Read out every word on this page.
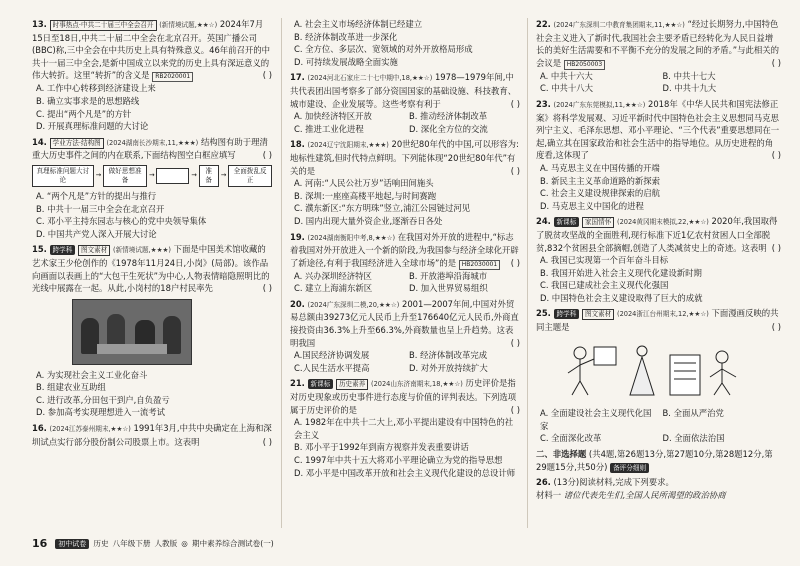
13. 时事热点·中共二十届三中全会召开 (新情境试题,★★☆) 2024年7月15日至18日,中共二十届二中全会在北京召开。英国广播公司(BBC)称,三中全会在中共历史上具有特殊意义。46年前召开的中共十一届三中全会,是新中国成立以来党的历史上具有深远意义的伟大转折。这里“转折”的含义是 RB2020001	( )
A. 工作中心转移到经济建设上来
B. 确立实事求是的思想路线
C. 提出“两个凡是”的方针
D. 开展真理标准问题的大讨论
14. 学业方法·结构图 (2024湖南长沙期末,11,★★★) 结构图有助于理清重大历史事件之间的内在联系,下面结构图空白框应填写	( )
真理标准问题大讨论
→
做好思想准备
→	→
准备
→
全面拨乱反正
A. “两个凡是”方针的提出与推行
B. 中共十一届三中全会在北京召开
C. 邓小平主持东园志与核心的党中央领导集体
D. 中国共产党人深入开展大讨论
15. 跨学科 图文素材 (新情境试题,★★★) 下面是中国美术馆收藏的艺术家王少伦创作的《1978年11月24日,小岗》(局部)。该作品向画面以表画上的“大包干生死状”为中心,人物表情暗隐照明比的光线中展露在一起。从此,小岗村的18户村民率先	( )
A. 为实现社会主义工业化奋斗
B. 组建农业互助组
C. 进行改革,分田包干到户,自负盈亏
D. 参加高考实现理想进入一流考试
16. (2024江苏泰州期末,★★☆) 1991年3月,中共中央确定在上海和深圳试点实行部分股份制公司股票上市。这表明	( )
A. 社会主义市场经济体制已经建立
B. 经济体制改革进一步深化
C. 全方位、多层次、宽领域的对外开放格局形成
D. 可持续发展战略全面实施
17. (2024河北石家庄二十七中期中,18,★★☆) 1978—1979年间,中共代表团出国考察多了部分资国国家的基础设施、科技教育、城市建设、企业发展等。这些考察有利于	( )
A. 加快经济特区开放	B. 推动经济体制改革
C. 推进工业化进程	D. 深化全方位的交流
18. (2024辽宁沈阳期末,★★★) 20世纪80年代的中国,可以形容为:地标性建筑,但时代特点鲜明。下列能体现“20世纪80年代”有关的是	( )
A. 河南:“人民公社万岁”话响田间施头
B. 深圳:一座座高楼平地起,与时间赛跑
C. 濮东新区:“东方明珠”竖立,浦江公园链过河见
D. 国内出现大量外资企业,逐渐吞日各处
19. (2024湖南衡阳中考,8,★★☆) 在我国对外开放的进程中,“标志着我国对外开放进入一个新的阶段,为我国参与经济全球化开辟了新途径,有利于我国经济进入全球市场”的是 HB2030001 ( )
A. 兴办深圳经济特区	B. 开放港埠沿海城市
C. 建立上海浦东新区	D. 加入世界贸易组织
20. (2024广东深圳二模,20,★★☆) 2001—2007年间,中国对外贸易总额由39273亿元人民币上升至176640亿元人民币,外商直接投资由36.3%上升至66.3%,外商数量也呈上升趋势。这表明我国	( )
A.国民经济协调发展	B. 经济体制改革完成
C.人民生活水平提高	D. 对外开放持续扩大
21. 新课标 历史素养 (2024山东济南期末,18,★★☆) 历史评价是指对历史现象或历史事件进行态度与价值的评判表达。下列选项属于历史评价的是	( )
A. 1982年在中共十二大上,邓小平提出建设有中国特色的社会主义
B. 邓小平于1992年到南方视察并发表重要讲话
C. 1997年中共十五大将邓小平理论确立为党的指导思想
D. 邓小平是中国改革开放和社会主义现代化建设的总设计师
22. (2024广东深圳二中教育集团期末,11,★★☆) “经过长期努力,中国特色社会主义进入了新时代,我国社会主要矛盾已经转化为人民日益增长的美好生活需要和不平衡不充分的发展之间的矛盾。”与此相关的会议是 HB2050003	( )
A. 中共十六大	B. 中共十七大
C. 中共十八大	D. 中共十九大
23. (2024广东东莞模拟,11,★★☆) 2018年《中华人民共和国宪法修正案》将科学发展观、习近平新时代中国特色社会主义思想同马克思列宁主义、毛泽东思想、邓小平理论、“三个代表”重要思想同在一起,确立其在国家政治和社会生活中的指导地位。从历史进程的角度看,这体现了	( )
A. 马克思主义在中国传播的开端
B. 新民主主义革命道路的新探索
C. 社会主义建设规律探索的启航
D. 马克思主义中国化的进程
24. 新课标 家国情怀 (2024黄冈期末模拟,22,★★☆) 2020年,我国取得了脱贫攻坚战的全面胜利,现行标准下近1亿农村贫困人口全部脱贫,832个贫困县全部摘帽,创造了人类减贫史上的奇迹。这表明 ( )
A. 我国已实现第一个百年奋斗目标
B. 我国开始进入社会主义现代化建设新时期
C. 我国已建成社会主义现代化强国
D. 中国特色社会主义建设取得了巨大的成就
25. 跨学科 图文素材 (2024浙江台州期末,12,★★☆) 下面漫画反映的共同主题是	( )
A. 全面建设社会主义现代化国家
B. 全面从严治党
C. 全面深化改革	D. 全面依法治国
二、非选择题 (共4题,第26题13分,第27题10分,第28题12分,第29题15分,共50分) 备评分细则
26. (13分)阅读材料,完成下列要求。
材料一 诸位代表先生们,全国人民所渴望的政治协商
16	初中试卷 历史 八年级下册 人教版 ◎ 期中素养综合测试卷(一)
